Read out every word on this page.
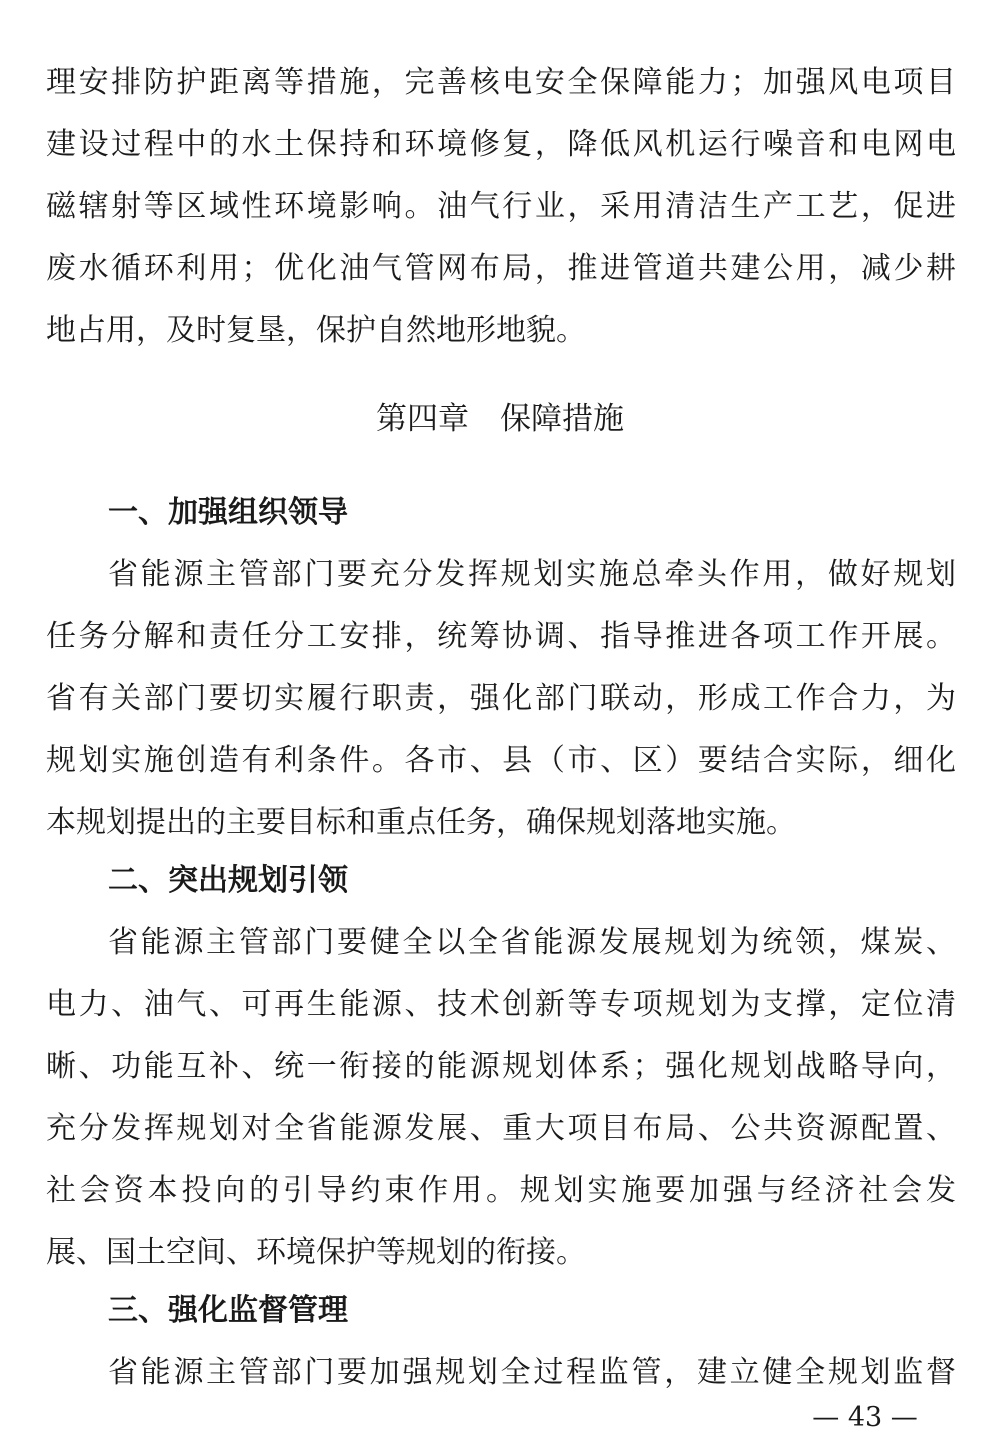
理安排防护距离等措施，完善核电安全保障能力；加强风电项目
建设过程中的水土保持和环境修复，降低风机运行噪音和电网电
磁辖射等区域性环境影响。油气行业，采用清洁生产工艺，促进
废水循环利用；优化油气管网布局，推进管道共建公用，减少耕
地占用，及时复垦，保护自然地形地貌。
第四章　保障措施
一、加强组织领导
省能源主管部门要充分发挥规划实施总牵头作用，做好规划
任务分解和责任分工安排，统筹协调、指导推进各项工作开展。
省有关部门要切实履行职责，强化部门联动，形成工作合力，为
规划实施创造有利条件。各市、县（市、区）要结合实际，细化
本规划提出的主要目标和重点任务，确保规划落地实施。
二、突出规划引领
省能源主管部门要健全以全省能源发展规划为统领，煤炭、
电力、油气、可再生能源、技术创新等专项规划为支撑，定位清
晰、功能互补、统一衔接的能源规划体系；强化规划战略导向，
充分发挥规划对全省能源发展、重大项目布局、公共资源配置、
社会资本投向的引导约束作用。规划实施要加强与经济社会发
展、国土空间、环境保护等规划的衔接。
三、强化监督管理
省能源主管部门要加强规划全过程监管，建立健全规划监督
— 43 —
